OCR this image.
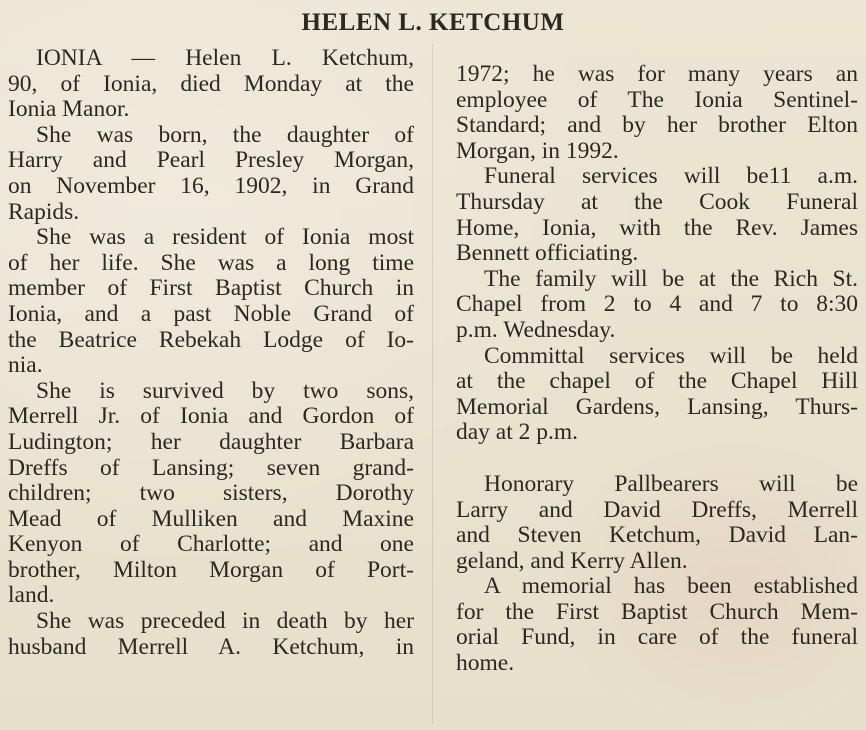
HELEN L. KETCHUM

IONIA — Helen L. Ketchum,
90, of Ionia, died Monday at the
Ionia Manor.

She was born, the daughter of
Harry and Pearl Presley Morgan,
on November 16, 1902, in Grand
Rapids.

She was a resident of Ionia most
of her life. She was a long time
member of First Baptist Church in
Ionia, and a past Noble Grand of
the Beatrice Rebekah Lodge of Io-
nia.

She is survived by two sons,
Merrell Jr. of Ionia and Gordon of
Ludington; her daughter Barbara
Dreffs of Lansing; seven grand-
children; two sisters, Dorothy
Mead of Mulliken and Maxine
Kenyon of Charlotte; and one
brother, Milton Morgan of Port-
land.

She was preceded in death by her
husband Merrell A. Ketchum, in

1972; he was for many years an
employee of The Ionia Sentinel-
Standard; and by her brother Elton
Morgan, in 1992.

Funeral services will be11 a.m.
Thursday at the Cook Funeral
Home, Ionia, with the Rev. James
Bennett officiating.

The family will be at the Rich St.
Chapel from 2 to 4 and 7 to 8:30
p.m. Wednesday.

Committal services will be held
at the chapel of the Chapel Hill
Memorial Gardens, Lansing, Thurs-
day at 2 p.m.

Honorary Pallbearers will be
Larry and David Dreffs, Merrell
and Steven Ketchum, David Lan-
geland, and Kerry Allen.

A memorial has been established
for the First Baptist Church Mem-
orial Fund, in care of the funeral
home.
